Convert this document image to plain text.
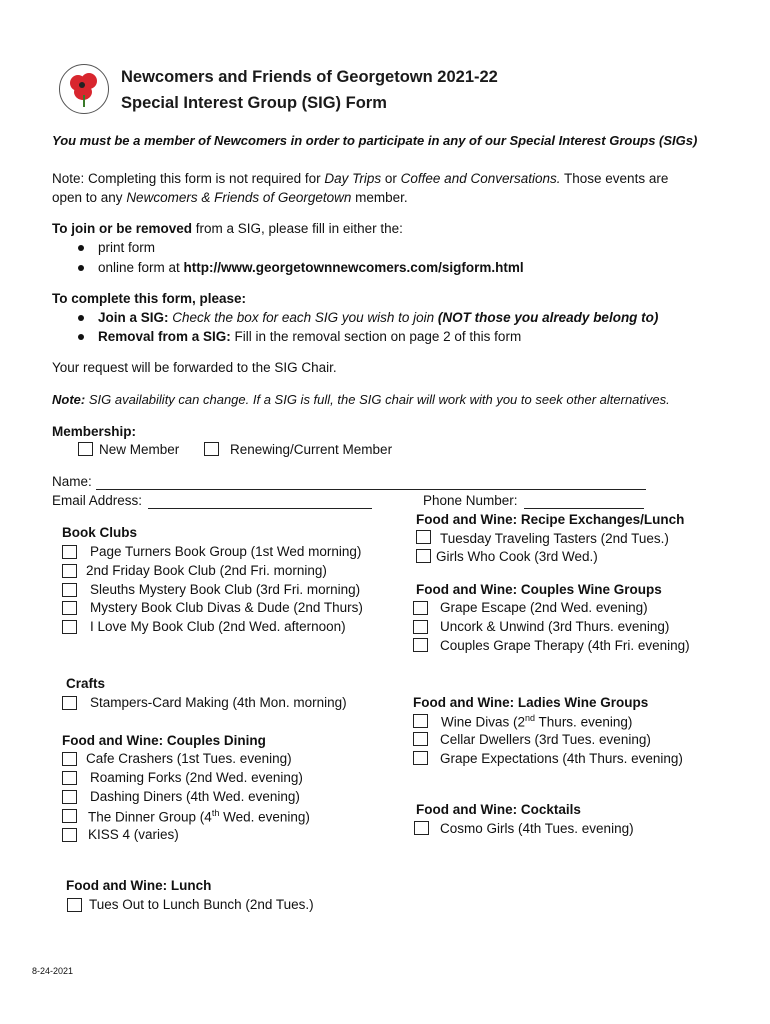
Newcomers and Friends of Georgetown 2021-22
Special Interest Group (SIG) Form
You must be a member of Newcomers in order to participate in any of our Special Interest Groups (SIGs)
Note: Completing this form is not required for Day Trips or Coffee and Conversations. Those events are
open to any Newcomers & Friends of Georgetown member.
To join or be removed from a SIG, please fill in either the:
print form
online form at http://www.georgetownnewcomers.com/sigform.html
To complete this form, please:
Join a SIG: Check the box for each SIG you wish to join (NOT those you already belong to)
Removal from a SIG: Fill in the removal section on page 2 of this form
Your request will be forwarded to the SIG Chair.
Note: SIG availability can change. If a SIG is full, the SIG chair will work with you to seek other alternatives.
Membership:
New Member	Renewing/Current Member
Name:
Email Address:	Phone Number:
Book Clubs
Page Turners Book Group (1st Wed morning)
2nd Friday Book Club (2nd Fri. morning)
Sleuths Mystery Book Club (3rd Fri. morning)
Mystery Book Club Divas & Dude (2nd Thurs)
I Love My Book Club (2nd Wed. afternoon)
Crafts
Stampers-Card Making (4th Mon. morning)
Food and Wine: Couples Dining
Cafe Crashers (1st Tues. evening)
Roaming Forks (2nd Wed. evening)
Dashing Diners (4th Wed. evening)
The Dinner Group (4th Wed. evening)
KISS 4 (varies)
Food and Wine: Lunch
Tues Out to Lunch Bunch (2nd Tues.)
Food and Wine: Recipe Exchanges/Lunch
Tuesday Traveling Tasters (2nd Tues.)
Girls Who Cook (3rd Wed.)
Food and Wine: Couples Wine Groups
Grape Escape (2nd Wed. evening)
Uncork & Unwind (3rd Thurs. evening)
Couples Grape Therapy (4th Fri. evening)
Food and Wine: Ladies Wine Groups
Wine Divas (2nd Thurs. evening)
Cellar Dwellers (3rd Tues. evening)
Grape Expectations (4th Thurs. evening)
Food and Wine: Cocktails
Cosmo Girls (4th Tues. evening)
8-24-2021
